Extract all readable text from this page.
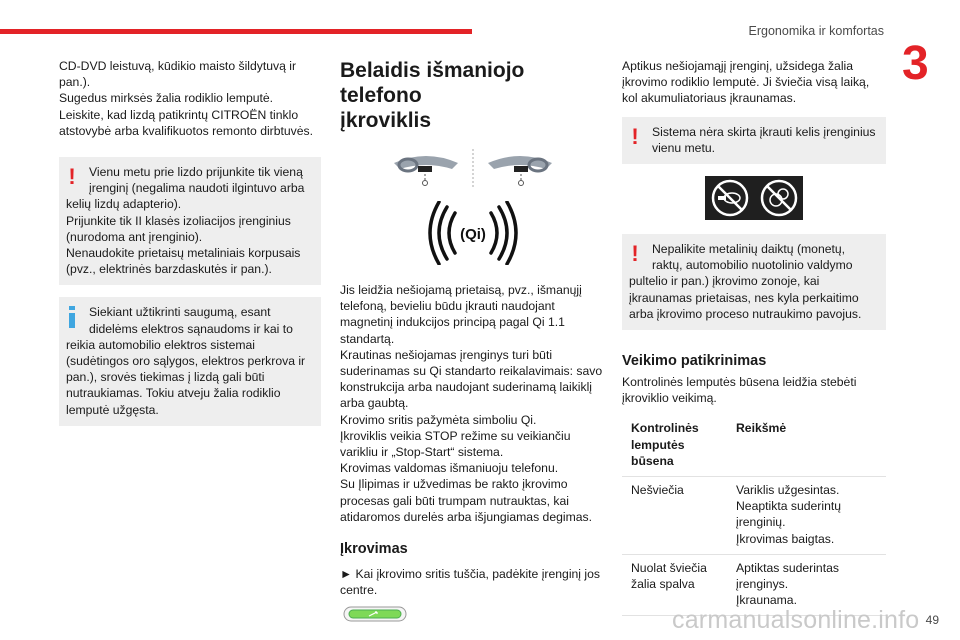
Ergonomika ir komfortas
3

CD-DVD leistuvą, kūdikio maisto šildytuvą ir
pan.).
Sugedus mirksės žalia rodiklio lemputė.
Leiskite, kad lizdą patikrintų CITROËN tinklo
atstovybė arba kvalifikuotos remonto dirbtuvės.

!	Vienu metu prie lizdo prijunkite tik vieną
įrenginį (negalima naudoti ilgintuvo arba
kelių lizdų adapterio).
Prijunkite tik II klasės izoliacijos įrenginius
(nurodoma ant įrenginio).
Nenaudokite prietaisų metaliniais korpusais
(pvz., elektrinės barzdaskutės ir pan.).
Siekiant užtikrinti saugumą, esant
didelėms elektros sąnaudoms ir kai to
reikia automobilio elektros sistemai
(sudėtingos oro sąlygos, elektros perkrova ir
pan.), srovės tiekimas į lizdą gali būti
nutraukiamas. Tokiu atveju žalia rodiklio
lemputė užgęsta.
Belaidis išmaniojo telefono
įkroviklis
(Qi)

Jis leidžia nešiojamą prietaisą, pvz., išmanųjį
telefoną, bevieliu būdu įkrauti naudojant
magnetinį indukcijos principą pagal Qi 1.1
standartą.
Krautinas nešiojamas įrenginys turi būti
suderinamas su Qi standarto reikalavimais: savo
konstrukcija arba naudojant suderinamą laikiklį
arba gaubtą.
Krovimo sritis pažymėta simboliu Qi.
Įkroviklis veikia STOP režime su veikiančiu
varikliu ir „Stop-Start“ sistema.
Krovimas valdomas išmaniuoju telefonu.
Su Įlipimas ir užvedimas be rakto įkrovimo
procesas gali būti trumpam nutrauktas, kai
atidaromos durelės arba išjungiamas degimas.

Įkrovimas

► Kai įkrovimo sritis tuščia, padėkite įrenginį jos
centre.

Aptikus nešiojamąjį įrenginį, užsidega žalia
įkrovimo rodiklio lemputė. Ji šviečia visą laiką,
kol akumuliatoriaus įkraunamas.

!	Sistema nėra skirta įkrauti kelis įrenginius
vienu metu.
!	Nepalikite metalinių daiktų (monetų,
raktų, automobilio nuotolinio valdymo
pultelio ir pan.) įkrovimo zonoje, kai
įkraunamas prietaisas, nes kyla perkaitimo
arba įkrovimo proceso nutraukimo pavojus.
Veikimo patikrinimas

Kontrolinės lemputės būsena leidžia stebėti
įkroviklio veikimą.

Kontrolinės
lemputės
būsena	Reikšmė
Nešviečia	Variklis užgesintas.
Neaptikta suderintų
įrenginių.
Įkrovimas baigtas.
Nuolat šviečia
žalia spalva	Aptiktas suderintas
įrenginys.
Įkraunama.
carmanualsonline.info 49
